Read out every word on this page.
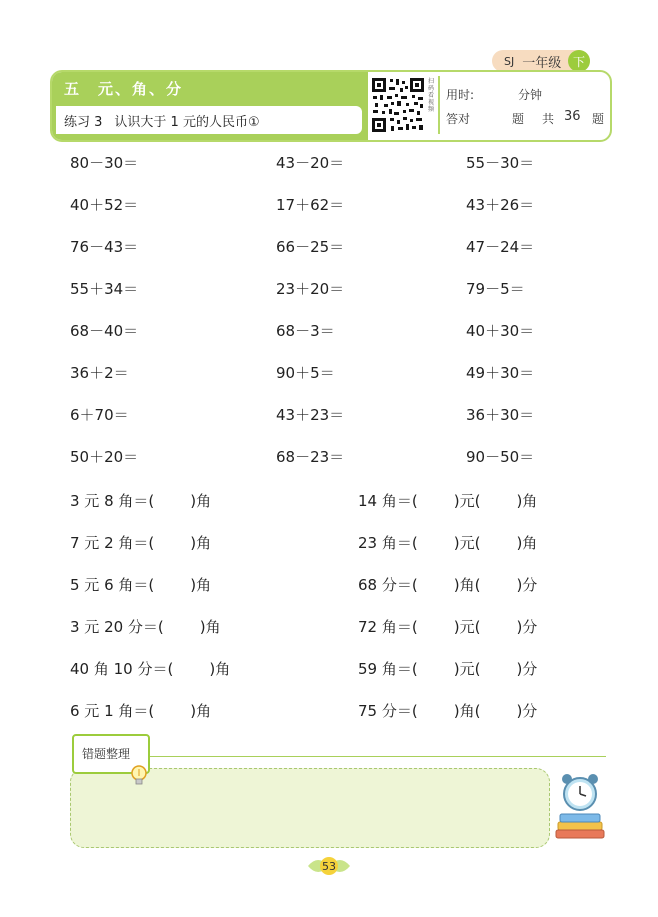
SJ 一年级 下
五　元、角、分
练习 3 认识大于 1 元的人民币①
扫码看视频
用时:	分钟
答对	题 共 36 题
80－30＝
40＋52＝
76－43＝
55＋34＝
68－40＝
36＋2＝
6＋70＝
50＋20＝
43－20＝
17＋62＝
66－25＝
23＋20＝
68－3＝
90＋5＝
43＋23＝
68－23＝
55－30＝
43＋26＝
47－24＝
79－5＝
40＋30＝
49＋30＝
36＋30＝
90－50＝
3 元 8 角＝( )角
7 元 2 角＝( )角
5 元 6 角＝( )角
3 元 20 分＝( )角
40 角 10 分＝( )角
6 元 1 角＝( )角
14 角＝( )元( )角
23 角＝( )元( )角
68 分＝( )角( )分
72 角＝( )元( )分
59 角＝( )元( )分
75 分＝( )角( )分
错题整理
53
